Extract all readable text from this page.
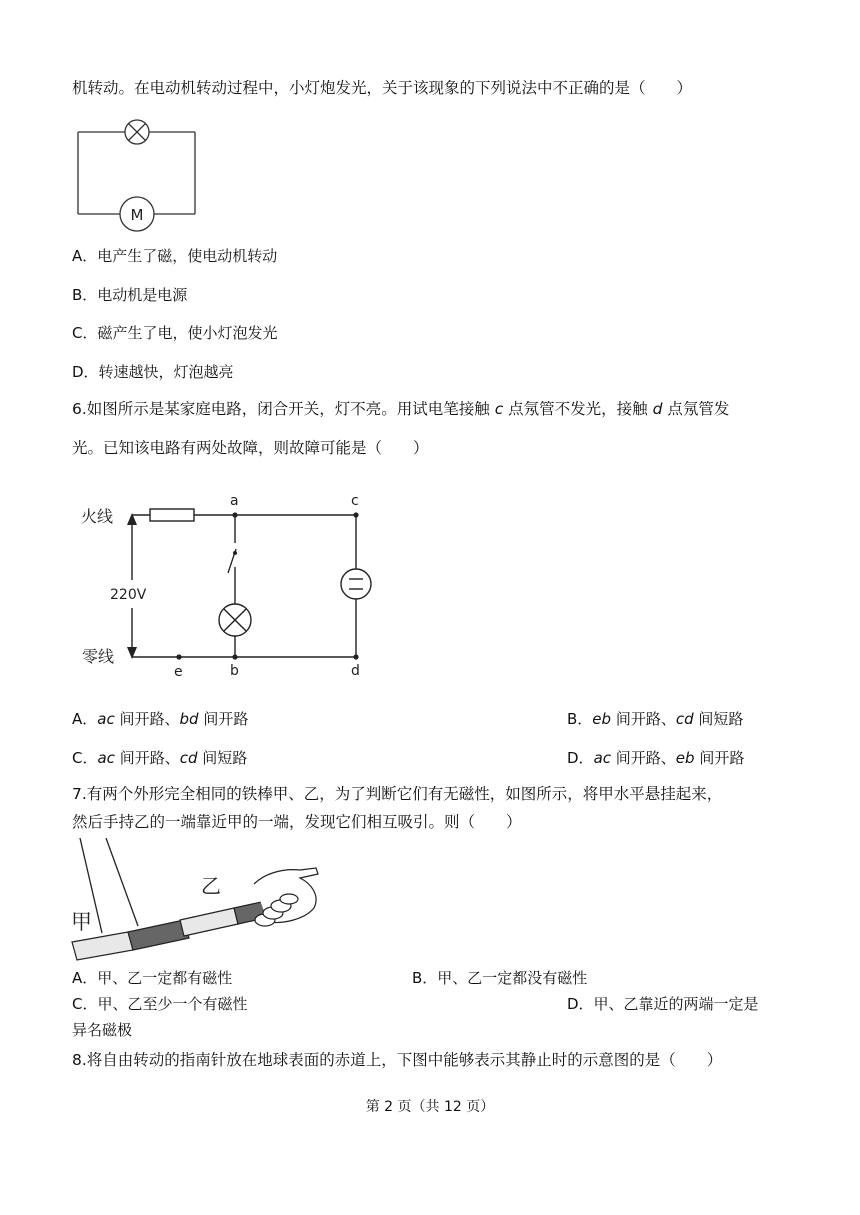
机转动。在电动机转动过程中，小灯炮发光，关于该现象的下列说法中不正确的是（　　）
M
A．电产生了磁，使电动机转动
B．电动机是电源
C．磁产生了电，使小灯泡发光
D．转速越快，灯泡越亮
6.如图所示是某家庭电路，闭合开关，灯不亮。用试电笔接触 c 点氖管不发光，接触 d 点氖管发
光。已知该电路有两处故障，则故障可能是（　　）
火线
零线
220V
a	c
b	d
e
A．ac 间开路、bd 间开路	B．eb 间开路、cd 间短路
C．ac 间开路、cd 间短路	D．ac 间开路、eb 间开路
7.有两个外形完全相同的铁棒甲、乙，为了判断它们有无磁性，如图所示，将甲水平悬挂起来，
然后手持乙的一端靠近甲的一端，发现它们相互吸引。则（　　）
甲
乙
A．甲、乙一定都有磁性	B．甲、乙一定都没有磁性
C．甲、乙至少一个有磁性	D．甲、乙靠近的两端一定是
异名磁极
8.将自由转动的指南针放在地球表面的赤道上，下图中能够表示其静止时的示意图的是（　　）
第 2 页（共 12 页）
